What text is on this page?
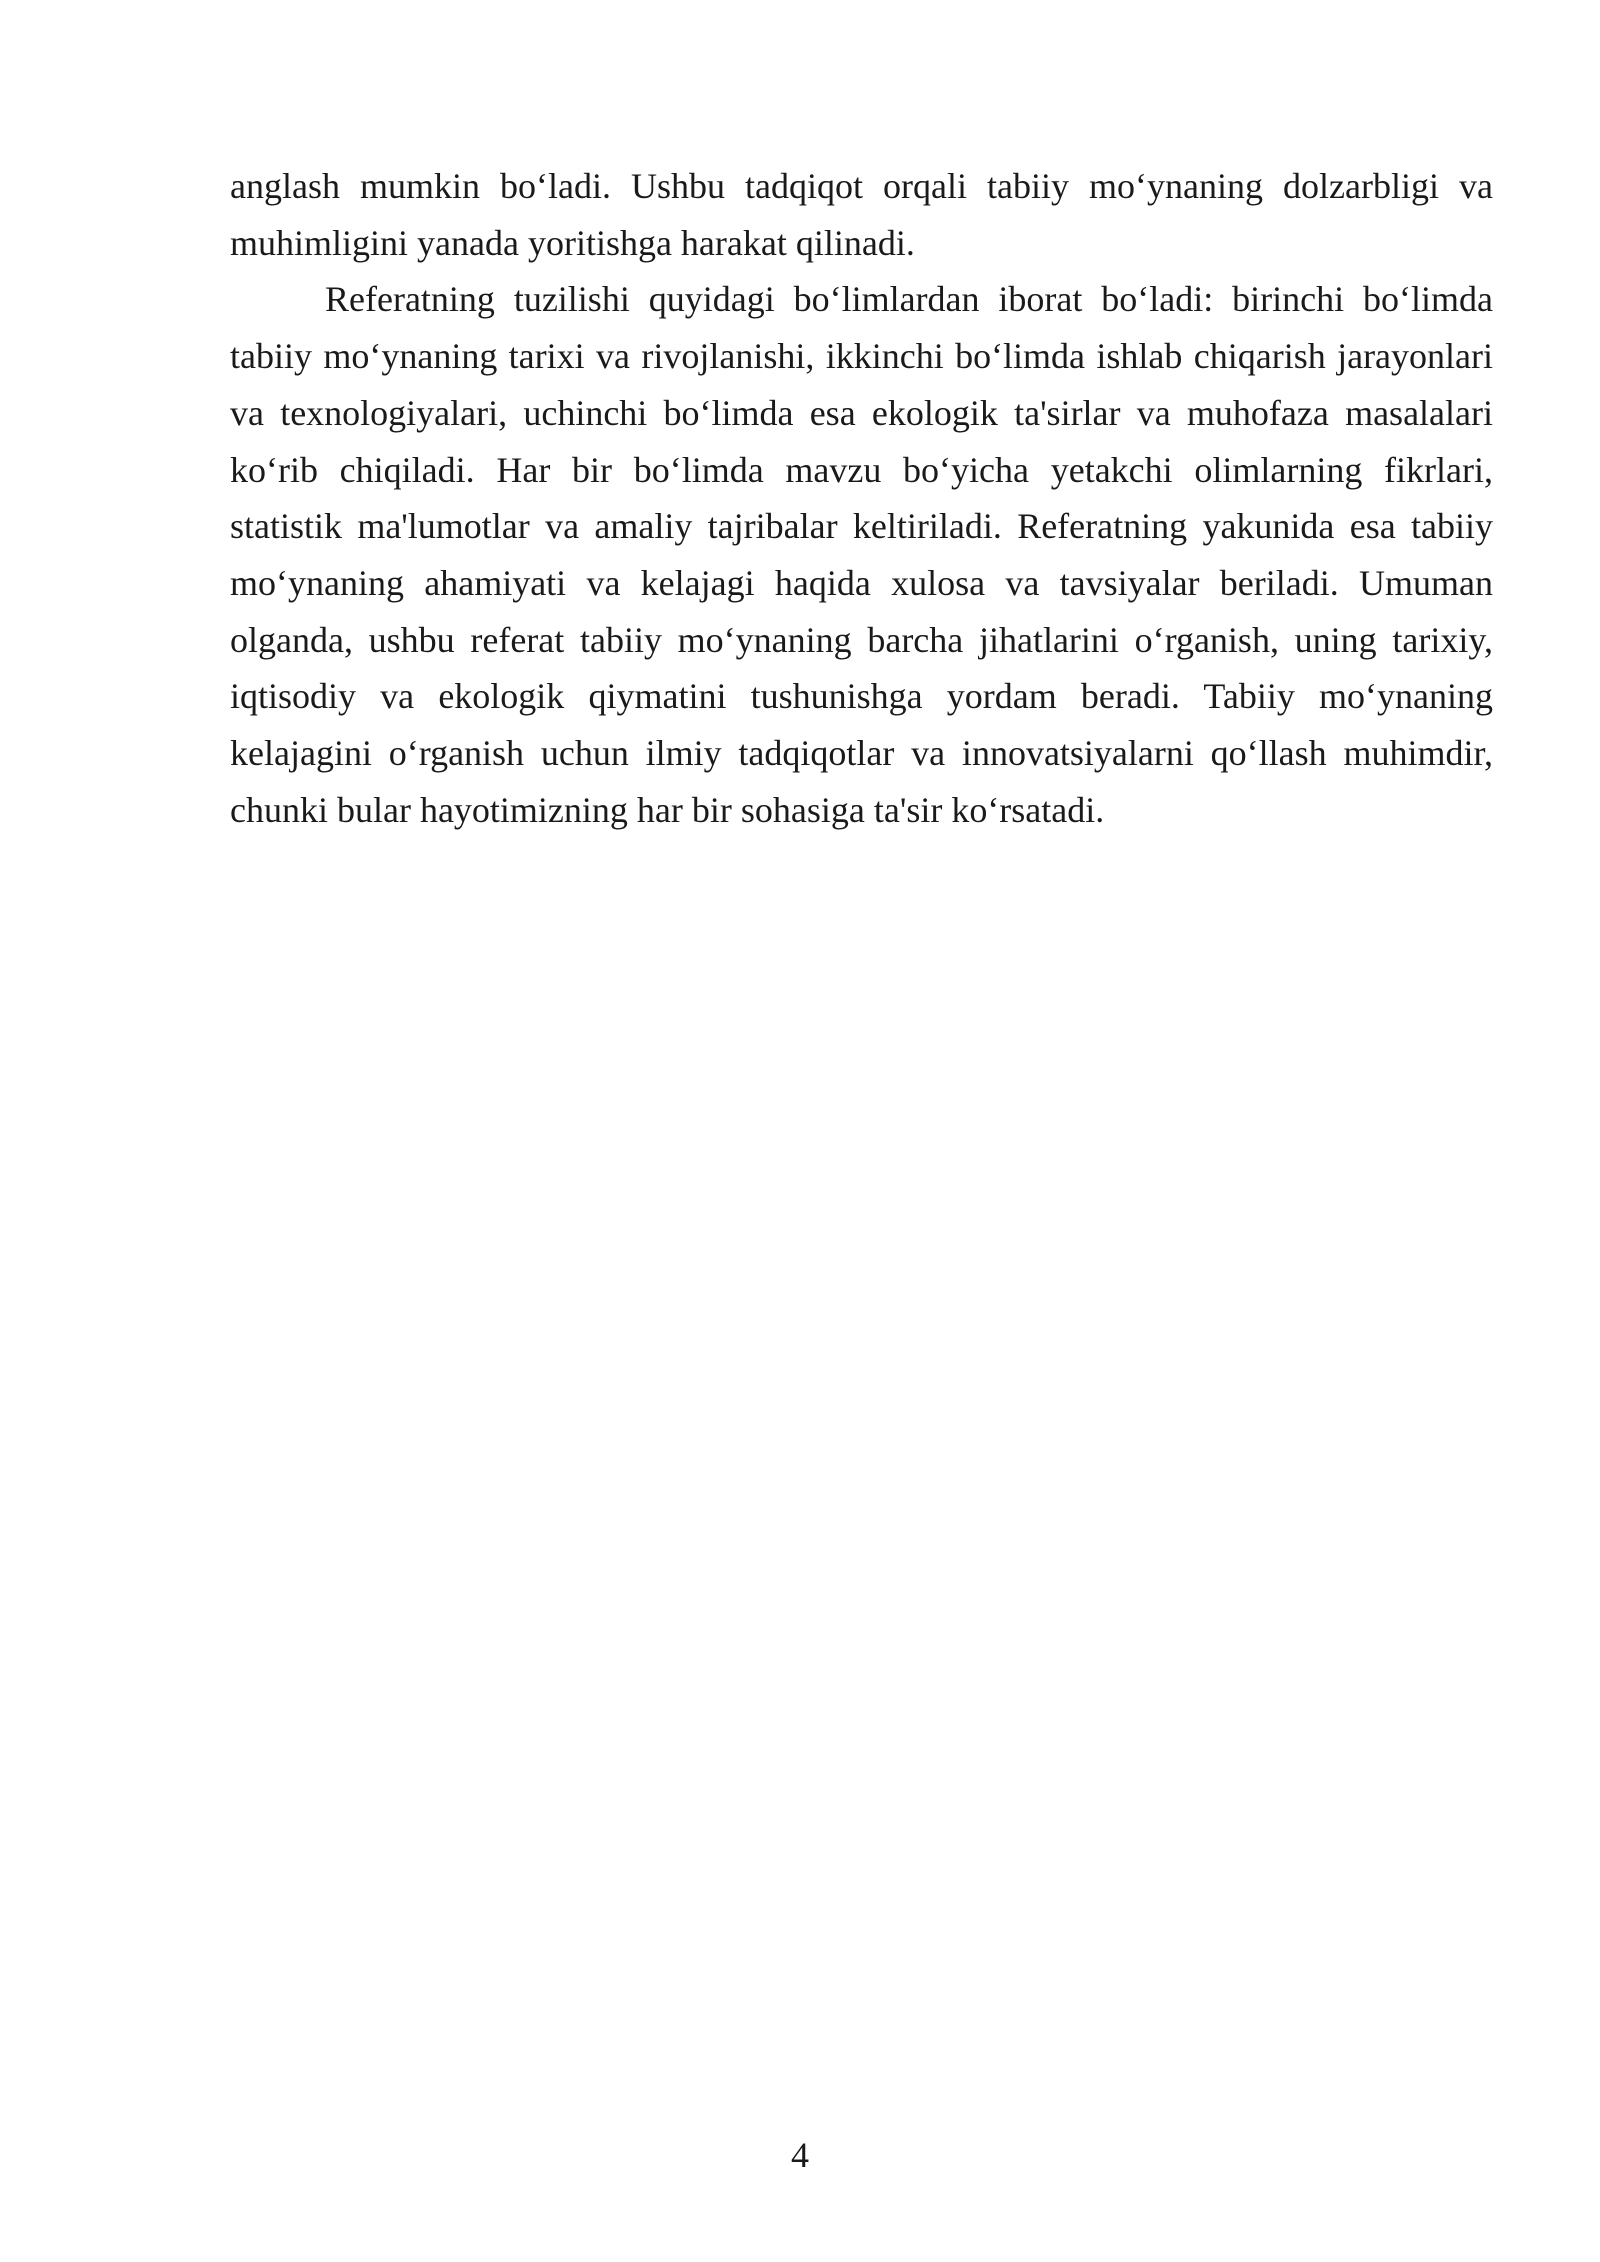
anglash mumkin bo‘ladi. Ushbu tadqiqot orqali tabiiy mo‘ynaning dolzarbligi va muhimligini yanada yoritishga harakat qilinadi.

Referatning tuzilishi quyidagi bo‘limlardan iborat bo‘ladi: birinchi bo‘limda tabiiy mo‘ynaning tarixi va rivojlanishi, ikkinchi bo‘limda ishlab chiqarish jarayonlari va texnologiyalari, uchinchi bo‘limda esa ekologik ta'sirlar va muhofaza masalalari ko‘rib chiqiladi. Har bir bo‘limda mavzu bo‘yicha yetakchi olimlarning fikrlari, statistik ma'lumotlar va amaliy tajribalar keltiriladi. Referatning yakunida esa tabiiy mo‘ynaning ahamiyati va kelajagi haqida xulosa va tavsiyalar beriladi. Umuman olganda, ushbu referat tabiiy mo‘ynaning barcha jihatlarini o‘rganish, uning tarixiy, iqtisodiy va ekologik qiymatini tushunishga yordam beradi. Tabiiy mo‘ynaning kelajagini o‘rganish uchun ilmiy tadqiqotlar va innovatsiyalarni qo‘llash muhimdir, chunki bular hayotimizning har bir sohasiga ta'sir ko‘rsatadi.

4
